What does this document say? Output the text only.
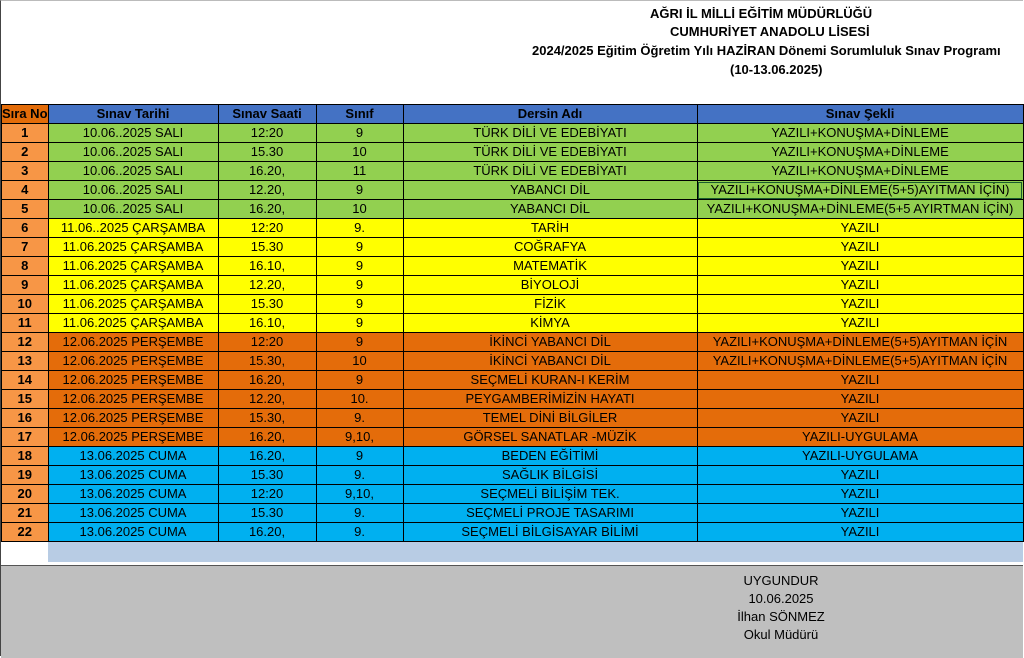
AĞRI İL MİLLİ EĞİTİM MÜDÜRLÜĞÜ
CUMHURİYET ANADOLU LİSESİ
2024/2025 Eğitim Öğretim Yılı HAZİRAN Dönemi Sorumluluk Sınav Programı
(10-13.06.2025)
Sıra No	Sınav Tarihi	Sınav Saati	Sınıf	Dersin Adı	Sınav Şekli
1	10.06..2025 SALI	12:20	9	TÜRK DİLİ VE EDEBİYATI	YAZILI+KONUŞMA+DİNLEME
2	10.06..2025 SALI	15.30	10	TÜRK DİLİ VE EDEBİYATI	YAZILI+KONUŞMA+DİNLEME
3	10.06..2025 SALI	16.20,	11	TÜRK DİLİ VE EDEBİYATI	YAZILI+KONUŞMA+DİNLEME
4	10.06..2025 SALI	12.20,	9	YABANCI DİL	YAZILI+KONUŞMA+DİNLEME(5+5)AYITMAN İÇİN)
5	10.06..2025 SALI	16.20,	10	YABANCI DİL	YAZILI+KONUŞMA+DİNLEME(5+5 AYIRTMAN İÇİN)
6	11.06..2025 ÇARŞAMBA	12:20	9.	TARİH	YAZILI
7	11.06.2025 ÇARŞAMBA	15.30	9	COĞRAFYA	YAZILI
8	11.06.2025 ÇARŞAMBA	16.10,	9	MATEMATİK	YAZILI
9	11.06.2025 ÇARŞAMBA	12.20,	9	BİYOLOJİ	YAZILI
10	11.06.2025 ÇARŞAMBA	15.30	9	FİZİK	YAZILI
11	11.06.2025 ÇARŞAMBA	16.10,	9	KİMYA	YAZILI
12	12.06.2025 PERŞEMBE	12:20	9	İKİNCİ YABANCI DİL	YAZILI+KONUŞMA+DİNLEME(5+5)AYITMAN İÇİN
13	12.06.2025 PERŞEMBE	15.30,	10	İKİNCİ YABANCI DİL	YAZILI+KONUŞMA+DİNLEME(5+5)AYITMAN İÇİN
14	12.06.2025 PERŞEMBE	16.20,	9	SEÇMELİ KURAN-I KERİM	YAZILI
15	12.06.2025 PERŞEMBE	12.20,	10.	PEYGAMBERİMİZİN HAYATI	YAZILI
16	12.06.2025 PERŞEMBE	15.30,	9.	TEMEL DİNİ BİLGİLER	YAZILI
17	12.06.2025 PERŞEMBE	16.20,	9,10,	GÖRSEL SANATLAR -MÜZİK	YAZILI-UYGULAMA
18	13.06.2025 CUMA	16.20,	9	BEDEN EĞİTİMİ	YAZILI-UYGULAMA
19	13.06.2025 CUMA	15.30	9.	SAĞLIK BİLGİSİ	YAZILI
20	13.06.2025 CUMA	12:20	9,10,	SEÇMELİ BİLİŞİM TEK.	YAZILI
21	13.06.2025 CUMA	15.30	9.	SEÇMELİ PROJE TASARIMI	YAZILI
22	13.06.2025 CUMA	16.20,	9.	SEÇMELİ BİLGİSAYAR BİLİMİ	YAZILI

UYGUNDUR
10.06.2025
İlhan SÖNMEZ
Okul Müdürü
